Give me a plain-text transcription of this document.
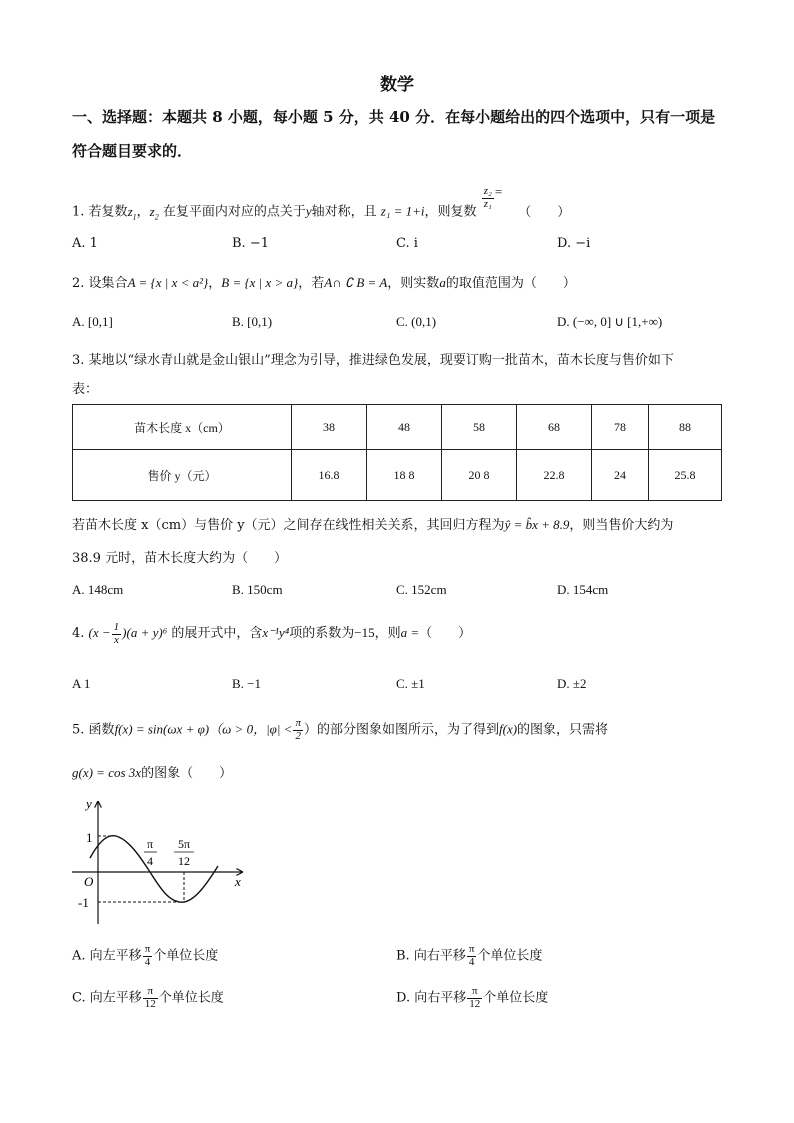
数学
一、选择题：本题共 8 小题，每小题 5 分，共 40 分．在每小题给出的四个选项中，只有一项是符合题目要求的．
1. 若复数$z_1$，$z_2$ 在复平面内对应的点关于y轴对称，且 z₁ = 1+i，则复数
$\frac{\text{z₂}}{\text{z₁}}$ = （　　）
A. 1	B. −1	C. i	D. −i
2. 设集合A = {x | x < a²}，B = {x | x > a}，若A∩ ∁ B = A，则实数a的取值范围为（　　）
A. [0,1]	B. [0,1)	C. (0,1)	D. (−∞, 0] ∪ [1,+∞)
3. 某地以“绿水青山就是金山银山”理念为引导，推进绿色发展，现要订购一批苗木，苗木长度与售价如下
表：
苗木长度 x（cm）	38	48	58	68	78	88
售价 y（元）	16.8	18 8	20 8	22.8	24	25.8
若苗木长度 x（cm）与售价 y（元）之间存在线性相关关系，其回归方程为ŷ = b̂x + 8.9，则当售价大约为
38.9 元时，苗木长度大约为（　　）
A. 148cm	B. 150cm	C. 152cm	D. 154cm
4. $(x - \frac{1}{x} )(a + y)^6$ 的展开式中，含x⁻¹y⁴项的系数为−15，则a =（　　）
A 1	B. −1	C. ±1	D. ±2
5. 函数f(x) = sin(ωx + φ)（ω > 0，$|\varphi| < \frac{\pi}{2}$ ）的部分图象如图所示，为了得到f(x)的图象，只需将
g(x) = cos 3x的图象（　　）
y
x
O
1
-1
π
4
5π
12
A. 向左平移 $\frac{\pi}{4}$ 个单位长度	B. 向右平移 $\frac{\pi}{4}$ 个单位长度
C. 向左平移 $\frac{\pi}{12}$ 个单位长度	D. 向右平移 $\frac{\pi}{12}$ 个单位长度
